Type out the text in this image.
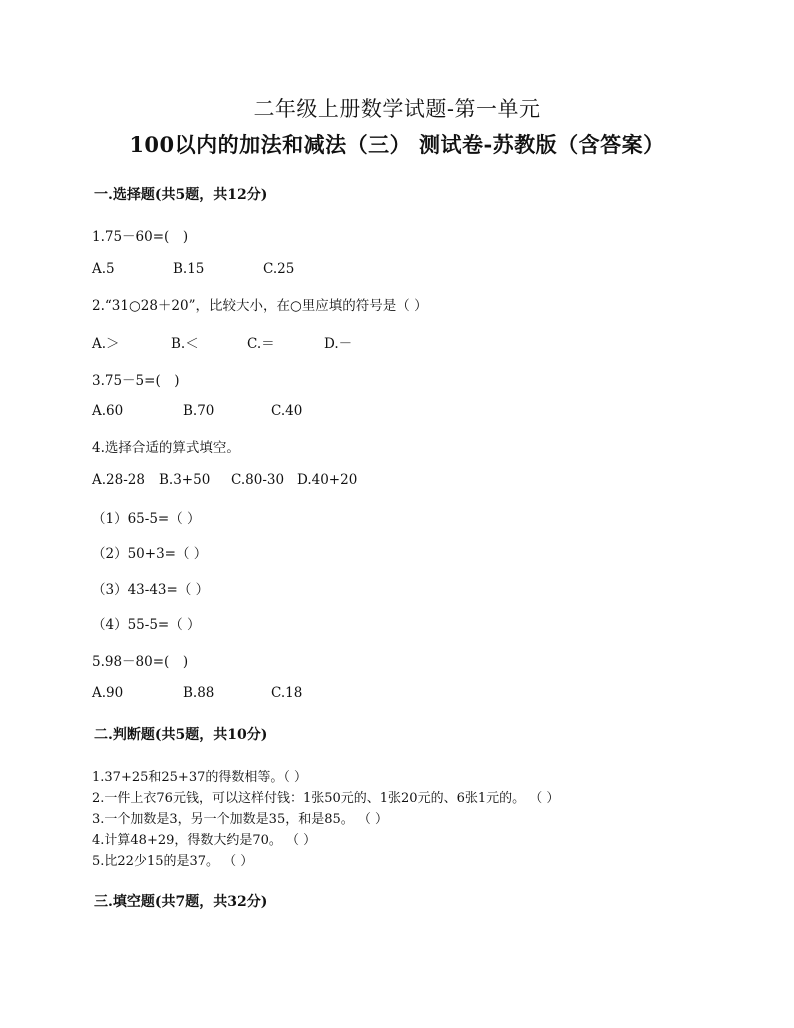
二年级上册数学试题-第一单元
100以内的加法和减法（三） 测试卷-苏教版（含答案）
一.选择题(共5题，共12分)
1.75－60=(　)
A.5	B.15	C.25
2.“31○28＋20”，比较大小，在○里应填的符号是（ ）
A.＞	B.＜	C.＝	D.－
3.75－5=(　)
A.60	B.70	C.40
4.选择合适的算式填空。
A.28-28 B.3+50 C.80-30 D.40+20
（1）65-5=（ ）
（2）50+3=（ ）
（3）43-43=（ ）
（4）55-5=（ ）
5.98－80=(　)
A.90	B.88	C.18
二.判断题(共5题，共10分)
1.37+25和25+37的得数相等。（ ）
2.一件上衣76元钱，可以这样付钱：1张50元的、1张20元的、6张1元的。 （ ）
3.一个加数是3，另一个加数是35，和是85。 （ ）
4.计算48+29，得数大约是70。 （ ）
5.比22少15的是37。 （ ）
三.填空题(共7题，共32分)
